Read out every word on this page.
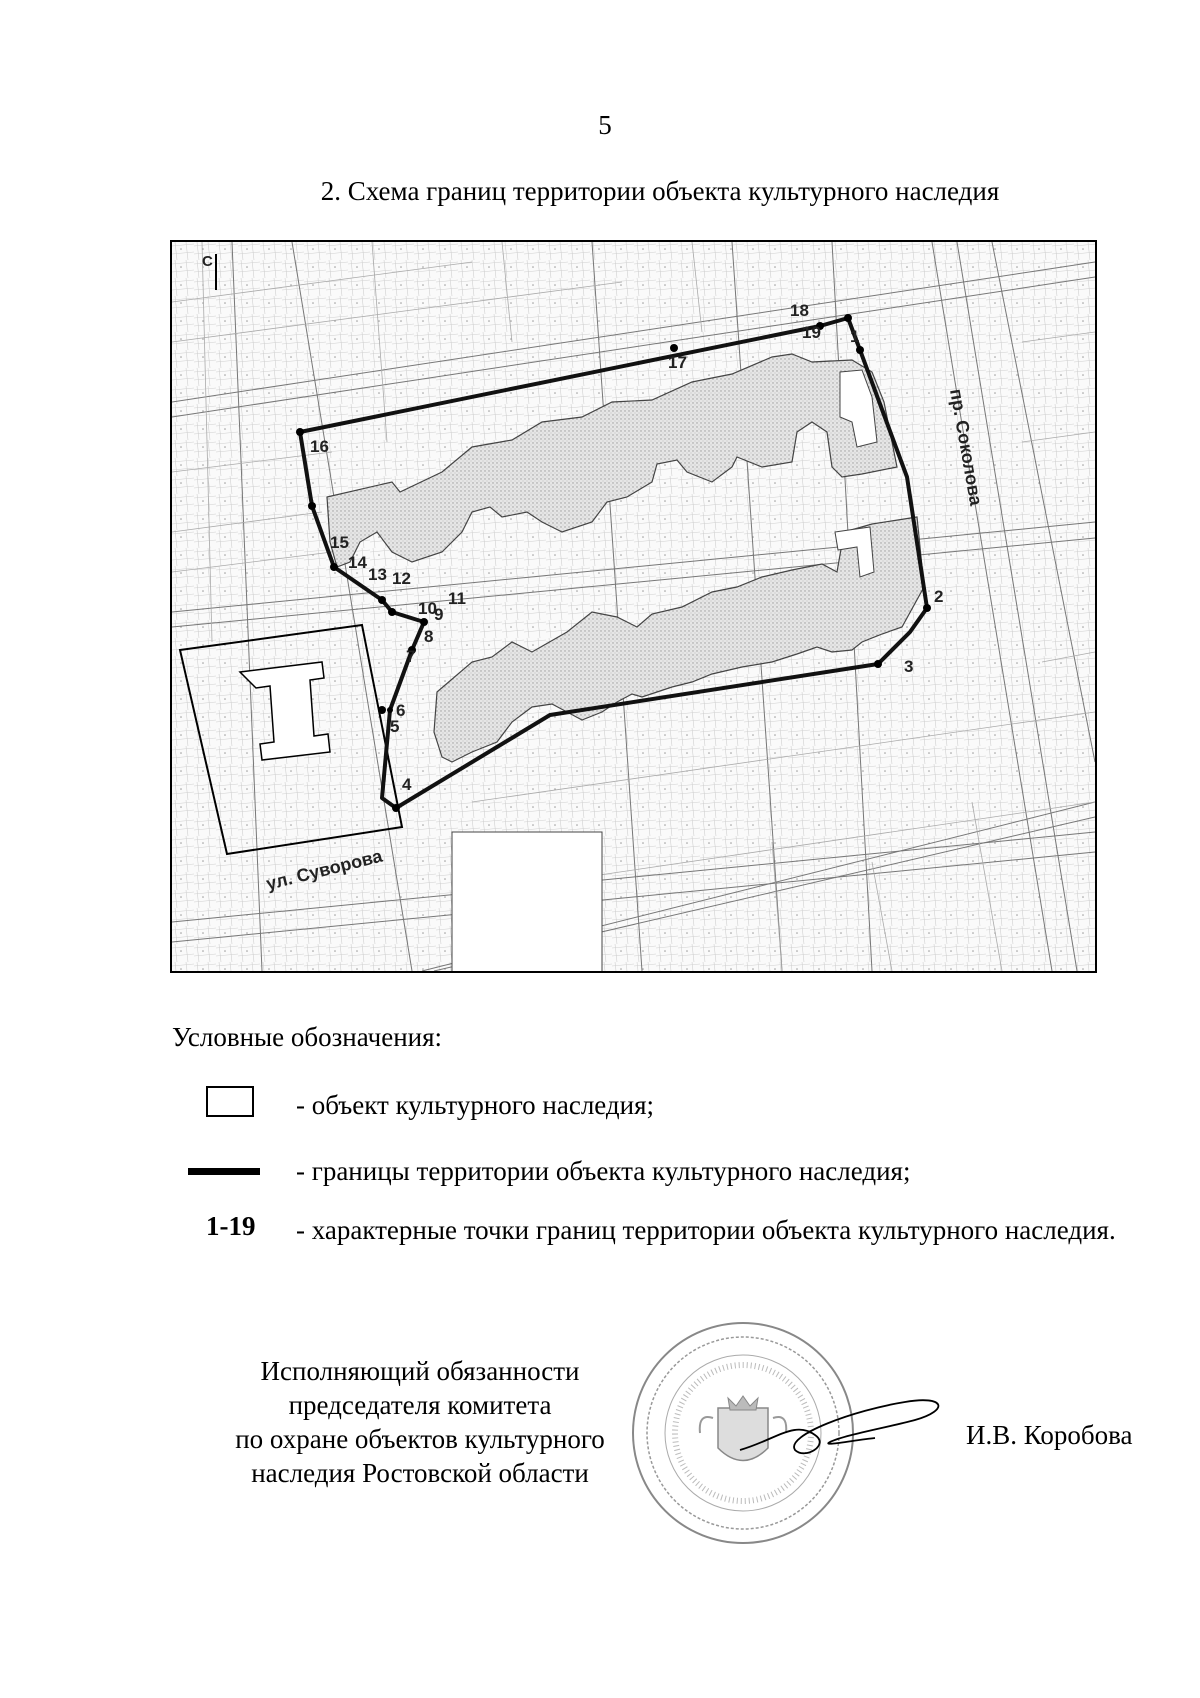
5
2. Схема границ территории объекта культурного наследия
1
2
3
4
5
6
7
8
9
10
11
12
13
14
15
16
17
18
19
С
ул. Суворова
пр. Соколова
Условные обозначения:
- объект культурного наследия;
- границы территории объекта культурного наследия;
1-19 - характерные точки границ территории объекта культурного наследия.
Исполняющий обязанности
председателя комитета
по охране объектов культурного
наследия Ростовской области
И.В. Коробова
